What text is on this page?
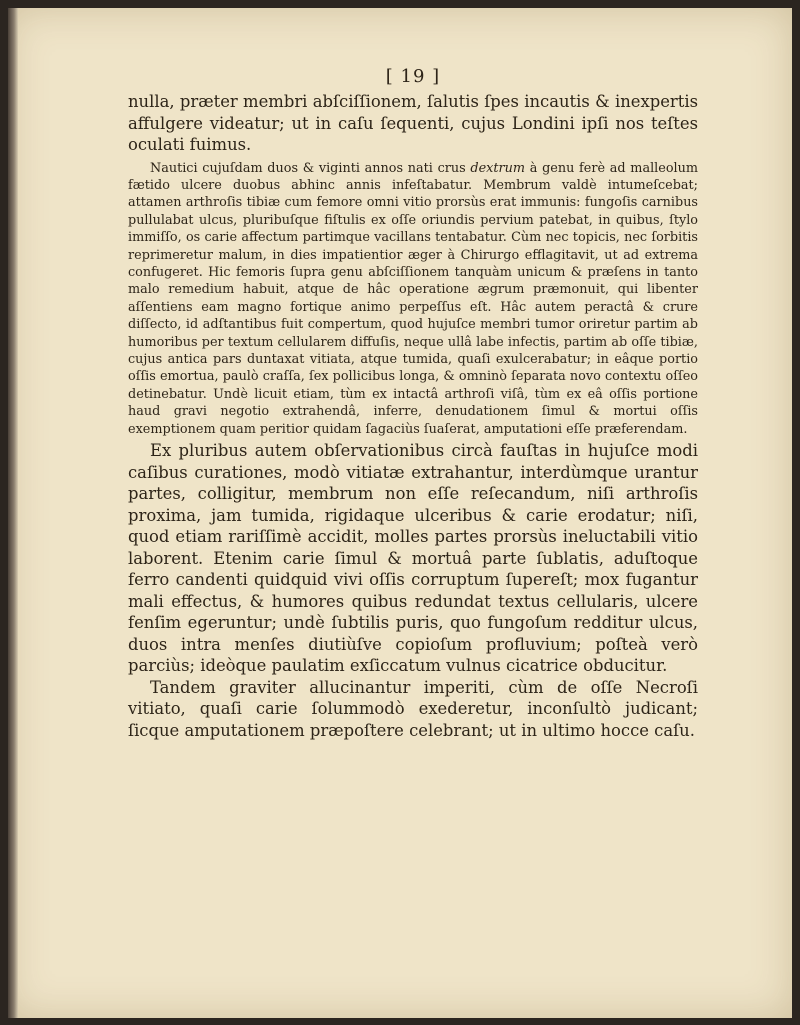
[ 19 ]

nulla, præter membri abſciſſionem, ſalutis ſpes incautis & inexpertis affulgere videatur; ut in caſu ſequenti, cujus Londini ipſi nos teſtes oculati fuimus.

Nautici cujuſdam duos & viginti annos nati crus dextrum à genu ferè ad malleolum fætido ulcere duobus abhinc annis infeſtabatur. Membrum valdè intumeſcebat; attamen arthroſis tibiæ cum femore omni vitio prorsùs erat immunis: fungoſis carnibus pullulabat ulcus, pluribuſque fiſtulis ex oſſe oriundis pervium patebat, in quibus, ſtylo immiſſo, os carie affectum partimque vacillans tentabatur. Cùm nec topicis, nec ſorbitis reprimeretur malum, in dies impatientior æger à Chirurgo efflagitavit, ut ad extrema confugeret. Hic femoris ſupra genu abſciſſionem tanquàm unicum & præſens in tanto malo remedium habuit, atque de hâc operatione ægrum præmonuit, qui libenter aſſentiens eam magno fortique animo perpeſſus eſt. Hâc autem peractâ & crure diſſecto, id adſtantibus fuit compertum, quod hujuſce membri tumor oriretur partim ab humoribus per textum cellularem diffuſis, neque ullâ labe infectis, partim ab oſſe tibiæ, cujus antica pars duntaxat vitiata, atque tumida, quaſi exulcerabatur; in eâque portio oſſis emortua, paulò craſſa, ſex pollicibus longa, & omninò ſeparata novo contextu oſſeo detinebatur. Undè licuit etiam, tùm ex intactâ arthroſi viſâ, tùm ex eâ oſſis portione haud gravi negotio extrahendâ, inferre, denudationem ſimul & mortui oſſis exemptionem quam peritior quidam ſagaciùs ſuaſerat, amputationi eſſe præferendam.

Ex pluribus autem obſervationibus circà fauſtas in hujuſce modi caſibus curationes, modò vitiatæ extrahantur, interdùmque urantur partes, colligitur, membrum non eſſe reſecandum, niſi arthroſis proxima, jam tumida, rigidaque ulceribus & carie erodatur; niſi, quod etiam rariſſimè accidit, molles partes prorsùs ineluctabili vitio laborent. Etenim carie ſimul & mortuâ parte ſublatis, aduſtoque ferro candenti quidquid vivi oſſis corruptum ſupereſt; mox fugantur mali effectus, & humores quibus redundat textus cellularis, ulcere fenſim egeruntur; undè ſubtilis puris, quo fungoſum redditur ulcus, duos intra menſes diutiùſve copioſum profluvium; poſteà verò parciùs; ideòque paulatim exſiccatum vulnus cicatrice obducitur.

Tandem graviter allucinantur imperiti, cùm de oſſe Necroſi vitiato, quaſi carie ſolummodò exederetur, inconſultò judicant; ſicque amputationem præpoſtere celebrant; ut in ultimo hocce caſu.
